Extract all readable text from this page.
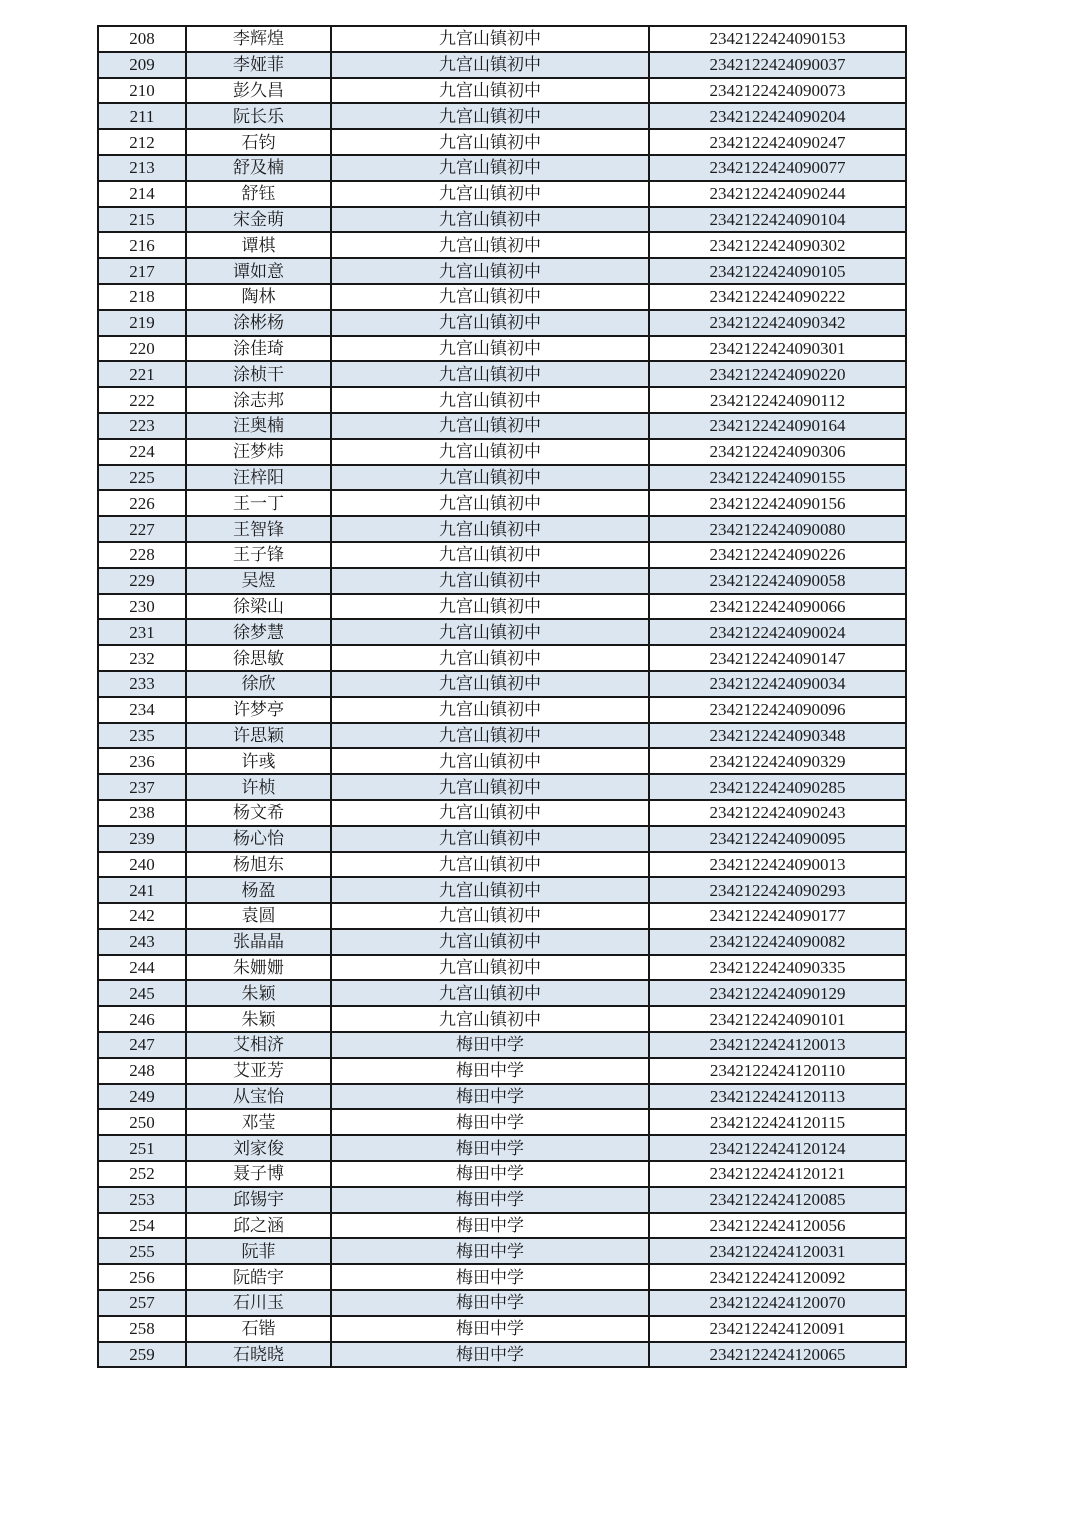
208	李辉煌	九宫山镇初中	2342122424090153
209	李娅菲	九宫山镇初中	2342122424090037
210	彭久昌	九宫山镇初中	2342122424090073
211	阮长乐	九宫山镇初中	2342122424090204
212	石钧	九宫山镇初中	2342122424090247
213	舒及楠	九宫山镇初中	2342122424090077
214	舒钰	九宫山镇初中	2342122424090244
215	宋金萌	九宫山镇初中	2342122424090104
216	谭棋	九宫山镇初中	2342122424090302
217	谭如意	九宫山镇初中	2342122424090105
218	陶林	九宫山镇初中	2342122424090222
219	涂彬杨	九宫山镇初中	2342122424090342
220	涂佳琦	九宫山镇初中	2342122424090301
221	涂桢干	九宫山镇初中	2342122424090220
222	涂志邦	九宫山镇初中	2342122424090112
223	汪奥楠	九宫山镇初中	2342122424090164
224	汪梦炜	九宫山镇初中	2342122424090306
225	汪梓阳	九宫山镇初中	2342122424090155
226	王一丁	九宫山镇初中	2342122424090156
227	王智锋	九宫山镇初中	2342122424090080
228	王子锋	九宫山镇初中	2342122424090226
229	吴煜	九宫山镇初中	2342122424090058
230	徐梁山	九宫山镇初中	2342122424090066
231	徐梦慧	九宫山镇初中	2342122424090024
232	徐思敏	九宫山镇初中	2342122424090147
233	徐欣	九宫山镇初中	2342122424090034
234	许梦亭	九宫山镇初中	2342122424090096
235	许思颖	九宫山镇初中	2342122424090348
236	许彧	九宫山镇初中	2342122424090329
237	许桢	九宫山镇初中	2342122424090285
238	杨文希	九宫山镇初中	2342122424090243
239	杨心怡	九宫山镇初中	2342122424090095
240	杨旭东	九宫山镇初中	2342122424090013
241	杨盈	九宫山镇初中	2342122424090293
242	袁圆	九宫山镇初中	2342122424090177
243	张晶晶	九宫山镇初中	2342122424090082
244	朱姗姗	九宫山镇初中	2342122424090335
245	朱颖	九宫山镇初中	2342122424090129
246	朱颖	九宫山镇初中	2342122424090101
247	艾相济	梅田中学	2342122424120013
248	艾亚芳	梅田中学	2342122424120110
249	从宝怡	梅田中学	2342122424120113
250	邓莹	梅田中学	2342122424120115
251	刘家俊	梅田中学	2342122424120124
252	聂子博	梅田中学	2342122424120121
253	邱锡宇	梅田中学	2342122424120085
254	邱之涵	梅田中学	2342122424120056
255	阮菲	梅田中学	2342122424120031
256	阮皓宇	梅田中学	2342122424120092
257	石川玉	梅田中学	2342122424120070
258	石锴	梅田中学	2342122424120091
259	石晓晓	梅田中学	2342122424120065
